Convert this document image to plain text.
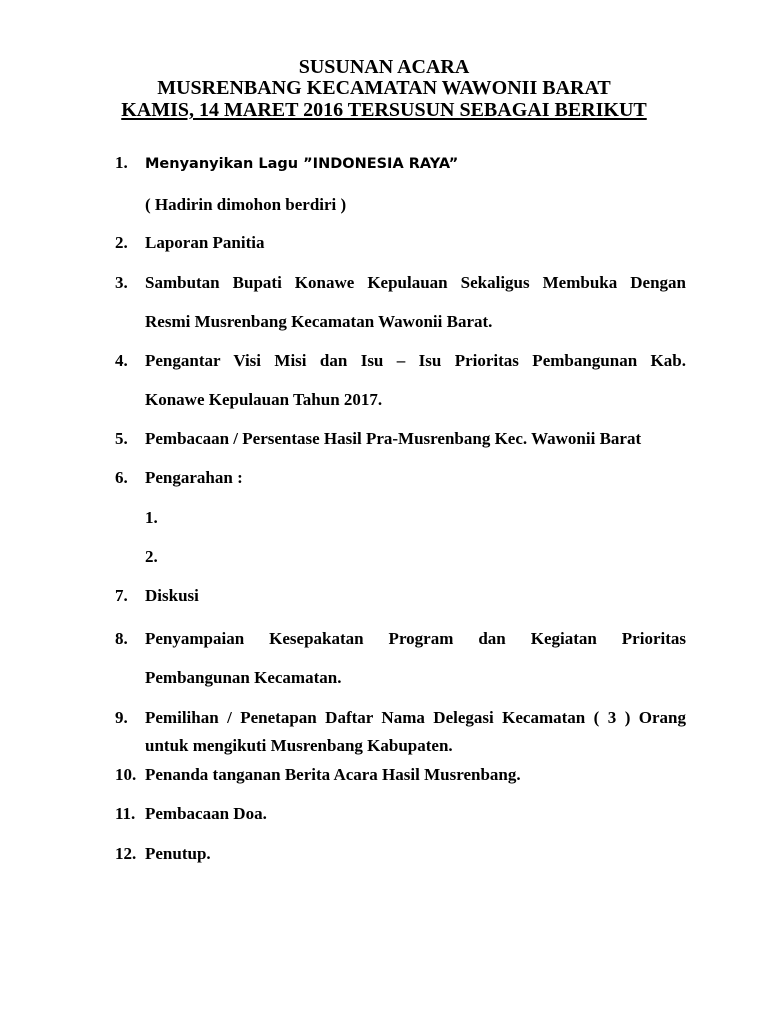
SUSUNAN ACARA
MUSRENBANG KECAMATAN WAWONII BARAT
KAMIS, 14 MARET 2016 TERSUSUN SEBAGAI BERIKUT
1. Menyanyikan Lagu ”INDONESIA RAYA”
( Hadirin dimohon berdiri )
2. Laporan Panitia
3. Sambutan Bupati Konawe Kepulauan Sekaligus Membuka Dengan
Resmi Musrenbang Kecamatan Wawonii Barat.
4. Pengantar Visi Misi dan Isu – Isu Prioritas Pembangunan Kab.
Konawe Kepulauan Tahun 2017.
5. Pembacaan / Persentase Hasil Pra-Musrenbang Kec. Wawonii Barat
6. Pengarahan :
1.
2.
7. Diskusi
8. Penyampaian Kesepakatan Program dan Kegiatan Prioritas
Pembangunan Kecamatan.
9. Pemilihan / Penetapan Daftar Nama Delegasi Kecamatan ( 3 ) Orang
untuk mengikuti Musrenbang Kabupaten.
10. Penanda tanganan Berita Acara Hasil Musrenbang.
11. Pembacaan Doa.
12. Penutup.
